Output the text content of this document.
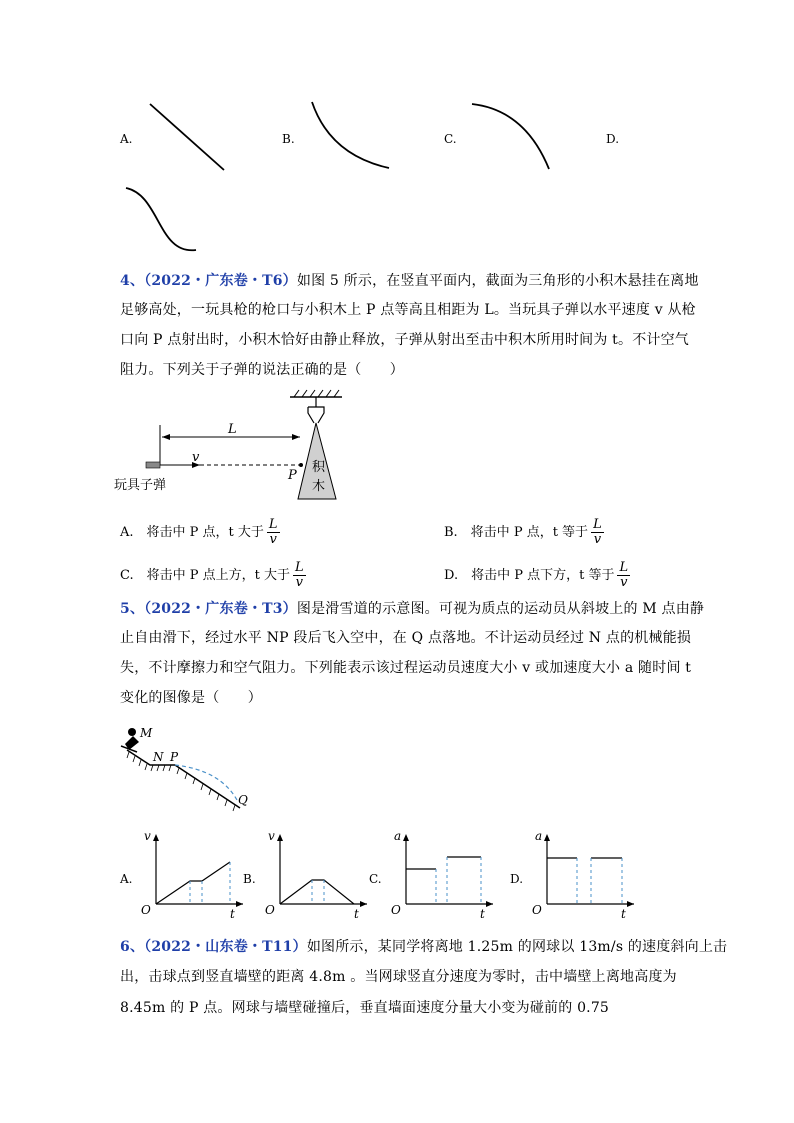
A.	B.	C.	D.
4、（2022・广东卷・T6）如图 5 所示，在竖直平面内，截面为三角形的小积木悬挂在离地
足够高处，一玩具枪的枪口与小积木上 P 点等高且相距为 L。当玩具子弹以水平速度 v 从枪
口向 P 点射出时，小积木恰好由静止释放，子弹从射出至击中积木所用时间为 t。不计空气
阻力。下列关于子弹的说法正确的是（　　）
积
木
L
v
P
玩具子弹
A.　将击中 P 点，t 大于 $\frac{L}{v}$	B.　将击中 P 点，t 等于 $\frac{L}{v}$
C.　将击中 P 点上方，t 大于 $\frac{L}{v}$	D.　将击中 P 点下方，t 等于 $\frac{L}{v}$
5、（2022・广东卷・T3）图是滑雪道的示意图。可视为质点的运动员从斜坡上的 M 点由静
止自由滑下，经过水平 NP 段后飞入空中，在 Q 点落地。不计运动员经过 N 点的机械能损
失，不计摩擦力和空气阻力。下列能表示该过程运动员速度大小 v 或加速度大小 a 随时间 t
变化的图像是（　　）
M
N P
Q
A.
v
O	t
B.
v
O	t
C.
a
O	t
D.
a
O	t
6、（2022・山东卷・T11）如图所示，某同学将离地 1.25m 的网球以 13m/s 的速度斜向上击
出，击球点到竖直墙壁的距离 4.8m 。当网球竖直分速度为零时，击中墙壁上离地高度为
8.45m 的 P 点。网球与墙壁碰撞后，垂直墙面速度分量大小变为碰前的 0.75
